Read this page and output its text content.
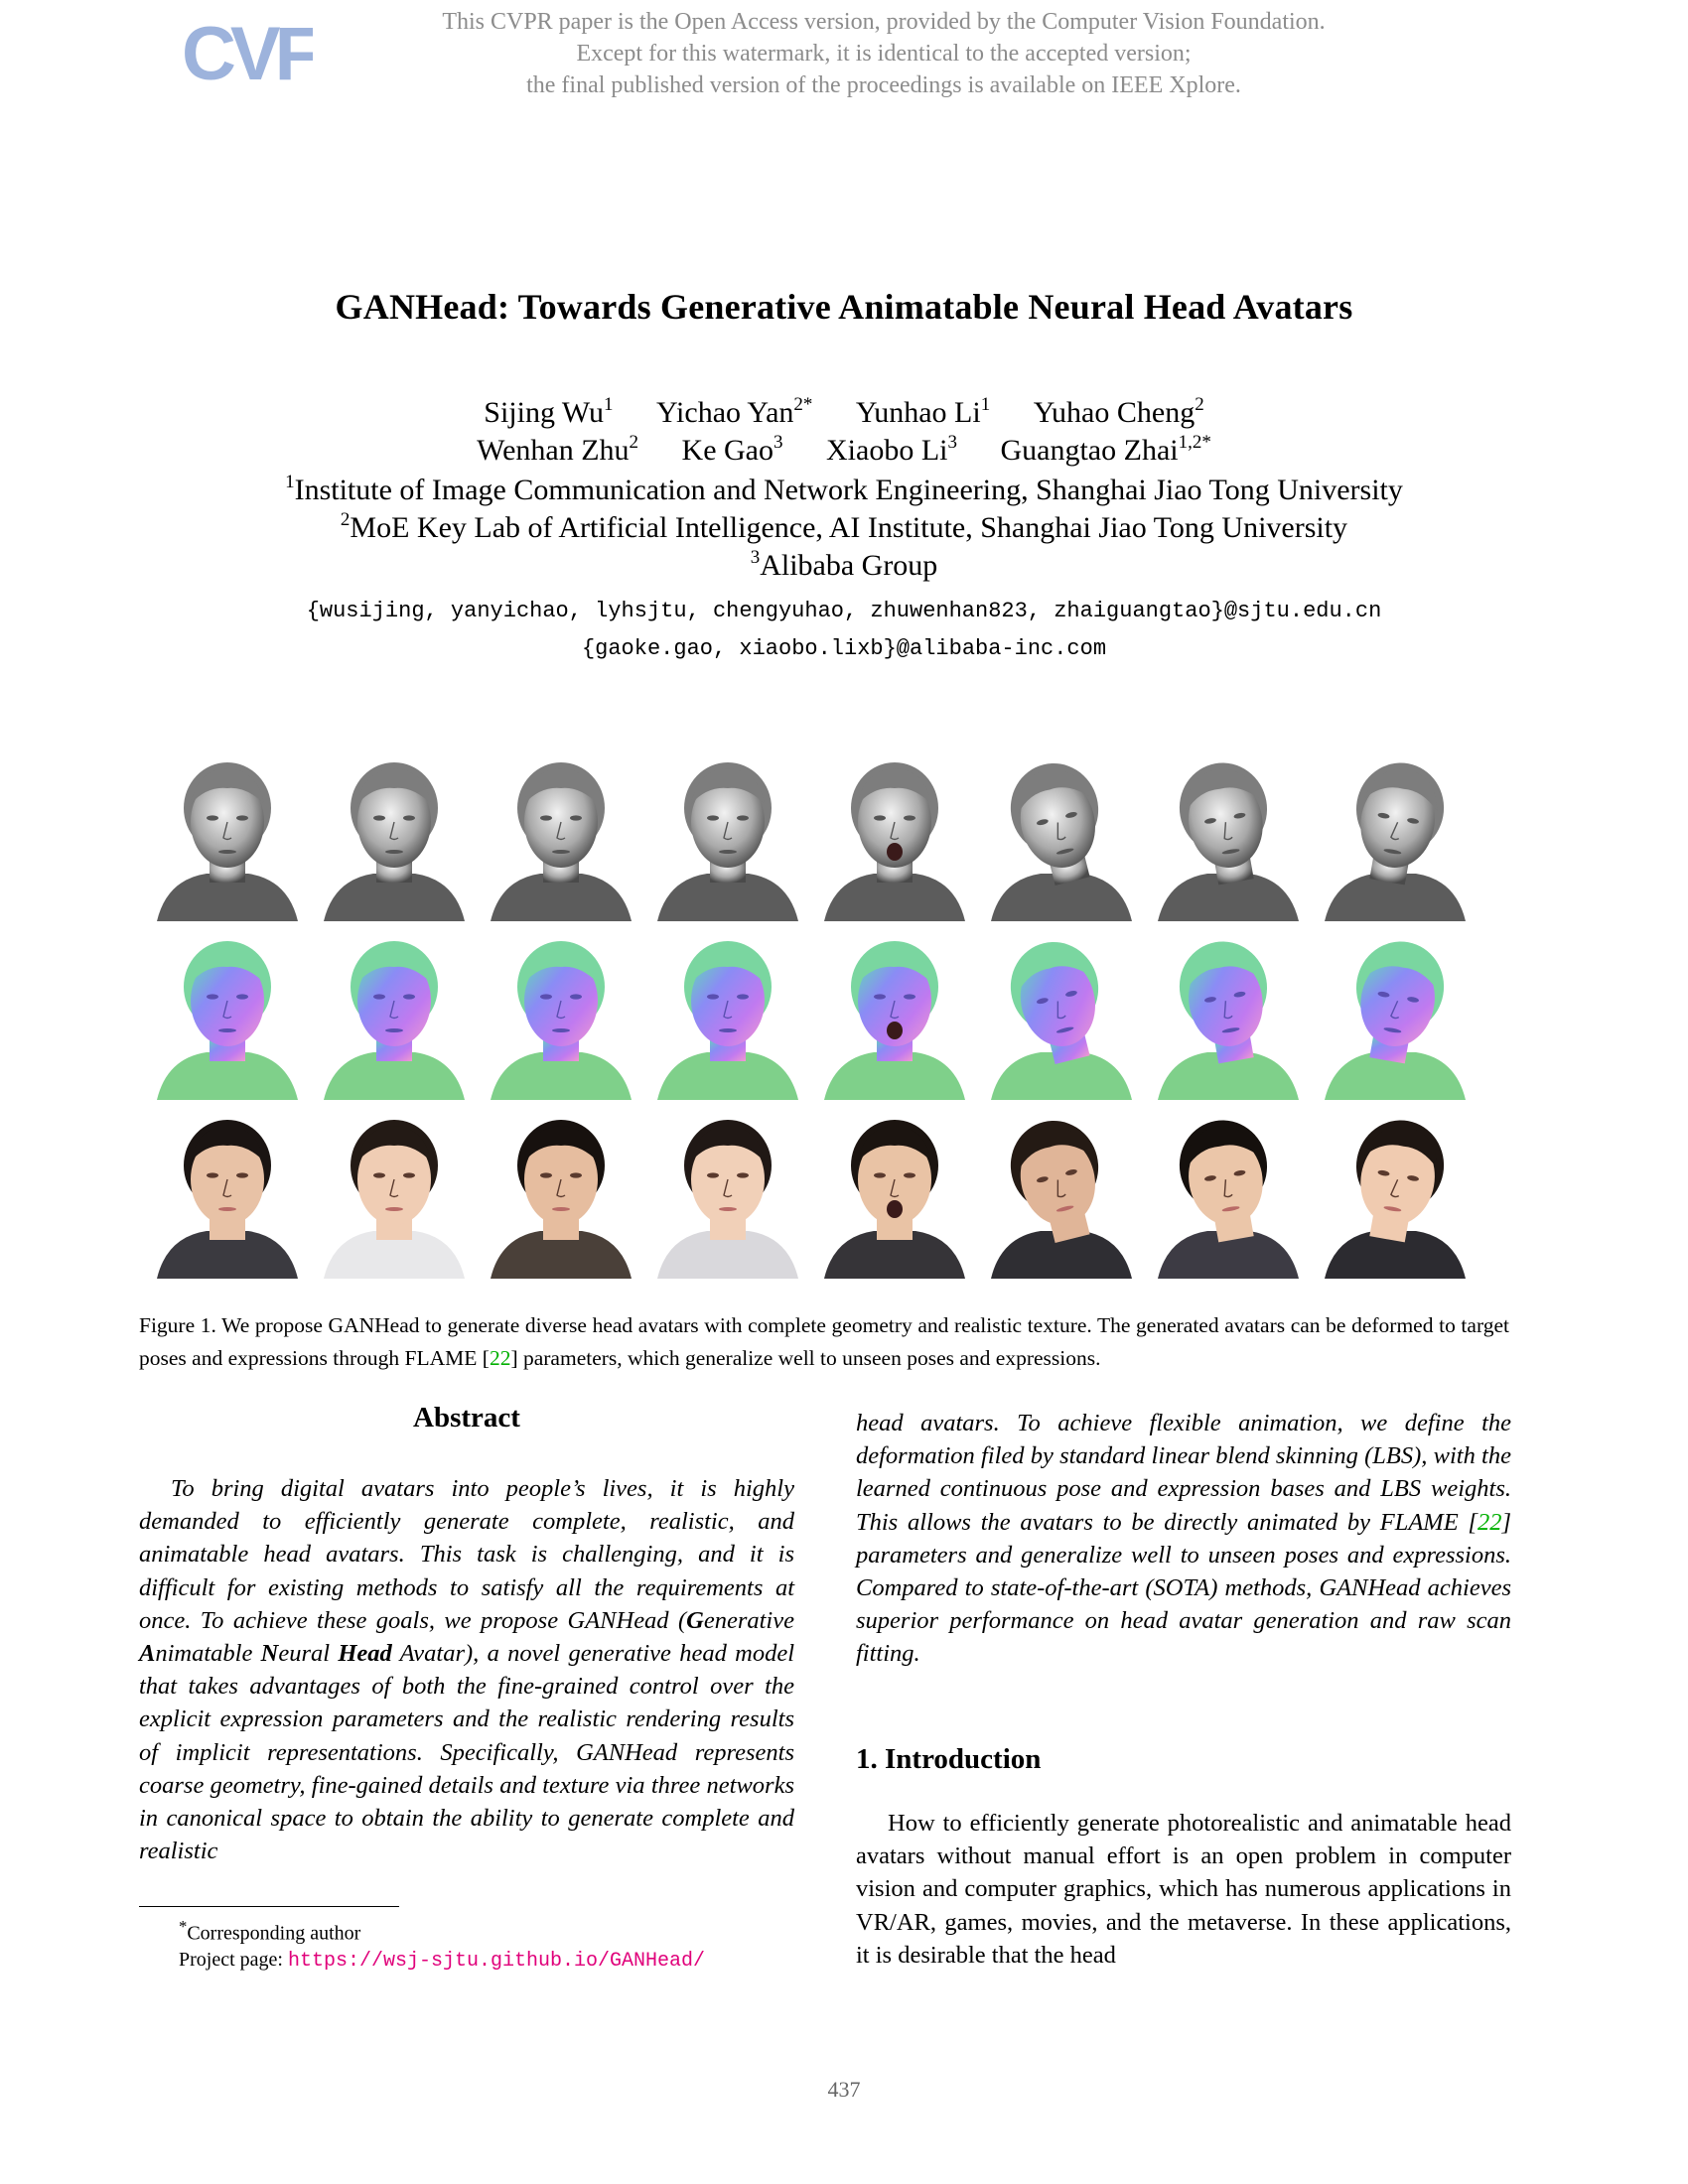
CVF	This CVPR paper is the Open Access version, provided by the Computer Vision Foundation.
Except for this watermark, it is identical to the accepted version;
the final published version of the proceedings is available on IEEE Xplore.
GANHead: Towards Generative Animatable Neural Head Avatars
Sijing Wu$^1$ Yichao Yan$^{2*}$ Yunhao Li$^1$ Yuhao Cheng$^2$
Wenhan Zhu$^2$ Ke Gao$^3$ Xiaobo Li$^3$ Guangtao Zhai$^{1,2*}$
$^1$Institute of Image Communication and Network Engineering, Shanghai Jiao Tong University
$^2$MoE Key Lab of Artificial Intelligence, AI Institute, Shanghai Jiao Tong University
$^3$Alibaba Group
{wusijing, yanyichao, lyhsjtu, chengyuhao, zhuwenhan823, zhaiguangtao}@sjtu.edu.cn
{gaoke.gao, xiaobo.lixb}@alibaba-inc.com
Figure 1. We propose GANHead to generate diverse head avatars with complete geometry and realistic texture. The generated avatars can be deformed to target poses and expressions through FLAME [22] parameters, which generalize well to unseen poses and expressions.
Abstract
To bring digital avatars into people’s lives, it is highly demanded to efficiently generate complete, realistic, and animatable head avatars. This task is challenging, and it is difficult for existing methods to satisfy all the requirements at once. To achieve these goals, we propose GANHead (Generative Animatable Neural Head Avatar), a novel generative head model that takes advantages of both the fine-grained control over the explicit expression parameters and the realistic rendering results of implicit representations. Specifically, GANHead represents coarse geometry, fine-gained details and texture via three networks in canonical space to obtain the ability to generate complete and realistic
head avatars. To achieve flexible animation, we define the deformation filed by standard linear blend skinning (LBS), with the learned continuous pose and expression bases and LBS weights. This allows the avatars to be directly animated by FLAME [22] parameters and generalize well to unseen poses and expressions. Compared to state-of-the-art (SOTA) methods, GANHead achieves superior performance on head avatar generation and raw scan fitting.
1. Introduction
How to efficiently generate photorealistic and animatable head avatars without manual effort is an open problem in computer vision and computer graphics, which has numerous applications in VR/AR, games, movies, and the metaverse. In these applications, it is desirable that the head
*Corresponding author
Project page: https://wsj-sjtu.github.io/GANHead/
437
